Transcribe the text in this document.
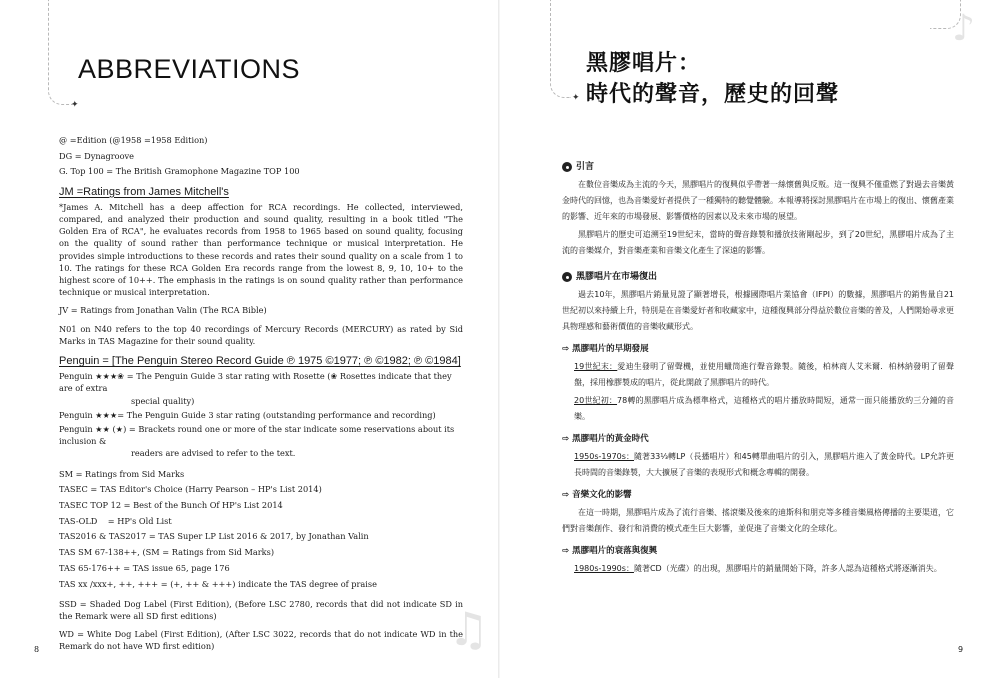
✦
ABBREVIATIONS

@ =Edition (@1958 =1958 Edition)

DG = Dynagroove

G. Top 100 = The British Gramophone Magazine TOP 100

JM =Ratings from James Mitchell's

*James A. Mitchell has a deep affection for RCA recordings. He collected, interviewed, compared, and analyzed their production and sound quality, resulting in a book titled "The Golden Era of RCA", he evaluates records from 1958 to 1965 based on sound quality, focusing on the quality of sound rather than performance technique or musical interpretation. He provides simple introductions to these records and rates their sound quality on a scale from 1 to 10. The ratings for these RCA Golden Era records range from the lowest 8, 9, 10, 10+ to the highest score of 10++. The emphasis in the ratings is on sound quality rather than performance technique or musical interpretation.

JV = Ratings from Jonathan Valin (The RCA Bible)

N01 on N40 refers to the top 40 recordings of Mercury Records (MERCURY) as rated by Sid Marks in TAS Magazine for their sound quality.

Penguin = [The Penguin Stereo Record Guide ℗ 1975 ©1977; ℗ ©1982; ℗ ©1984]
Penguin ★★★❀ = The Penguin Guide 3 star rating with Rosette (❀ Rosettes indicate that they are of extra
special quality)
Penguin ★★★= The Penguin Guide 3 star rating (outstanding performance and recording)
Penguin ★★ (★) = Brackets round one or more of the star indicate some reservations about its inclusion &
readers are advised to refer to the text.

SM = Ratings from Sid Marks

TASEC = TAS Editor's Choice (Harry Pearson – HP's List 2014)

TASEC TOP 12 = Best of the Bunch Of HP's List 2014

TAS-OLD    = HP's Old List

TAS2016 & TAS2017 = TAS Super LP List 2016 & 2017, by Jonathan Valin

TAS SM 67-138++, (SM = Ratings from Sid Marks)

TAS 65-176++ = TAS issue 65, page 176

TAS xx /xxx+, ++, +++ = (+, ++ & +++) indicate the TAS degree of praise

SSD = Shaded Dog Label (First Edition), (Before LSC 2780, records that did not indicate SD in the Remark were all SD first editions)

WD = White Dog Label (First Edition), (After LSC 3022, records that do not indicate WD in the Remark do not have WD first edition)	♫
8
✦
♪
黑膠唱片：
時代的聲音，歷史的回聲
引言

在數位音樂成為主流的今天，黑膠唱片的復興似乎帶著一絲懷舊與反叛。這一復興不僅重燃了對過去音樂黃金時代的回憶，也為音樂愛好者提供了一種獨特的聽覺體驗。本報導將探討黑膠唱片在市場上的復出、懷舊產業的影響、近年來的市場發展、影響價格的因素以及未來市場的展望。

黑膠唱片的歷史可追溯至19世紀末，當時的聲音錄製和播放技術剛起步，到了20世紀，黑膠唱片成為了主流的音樂媒介，對音樂產業和音樂文化產生了深遠的影響。

黑膠唱片在市場復出

過去10年，黑膠唱片銷量見證了顯著增長，根據國際唱片業協會（IFPI）的數據，黑膠唱片的銷售量自21世紀初以來持續上升，特別是在音樂愛好者和收藏家中，這種復興部分得益於數位音樂的普及，人們開始尋求更具物理感和藝術價值的音樂收藏形式。

⇨ 黑膠唱片的早期發展

19世紀末：愛迪生發明了留聲機，並使用蠟筒進行聲音錄製。隨後，柏林商人艾米爾．柏林納發明了留聲盤，採用橡膠製成的唱片，從此開啟了黑膠唱片的時代。

20世紀初：78轉的黑膠唱片成為標準格式，這種格式的唱片播放時間短，通常一面只能播放約三分鐘的音樂。

⇨ 黑膠唱片的黃金時代

1950s-1970s：隨著33⅓轉LP（長播唱片）和45轉單曲唱片的引入，黑膠唱片進入了黃金時代。LP允許更長時間的音樂錄製，大大擴展了音樂的表現形式和概念專輯的開發。

⇨ 音樂文化的影響

在這一時期，黑膠唱片成為了流行音樂、搖滾樂及後來的迪斯科和朋克等多種音樂風格傳播的主要渠道，它們對音樂創作、發行和消費的模式產生巨大影響，並促進了音樂文化的全球化。

⇨ 黑膠唱片的衰落與復興

1980s-1990s：隨著CD（光碟）的出現，黑膠唱片的銷量開始下降，許多人認為這種格式將逐漸消失。

9
